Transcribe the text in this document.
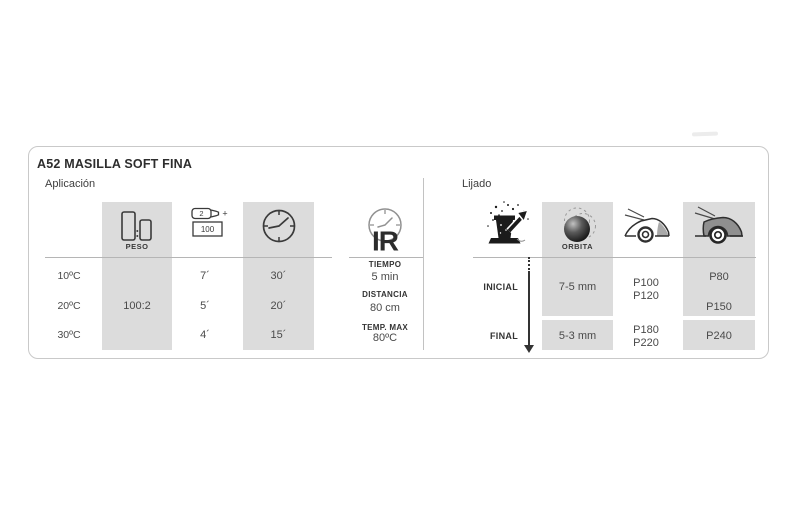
A52 MASILLA SOFT FINA
Aplicación	Lijado
PESO
2 +
100	IR
10ºC
20ºC
30ºC
100:2
7´
5´
4´
30´
20´
15´
TIEMPO
5 min
DISTANCIA
80 cm
TEMP. MAX
80ºC
ORBITA
INICIAL
FINAL
7-5 mm
5-3 mm
P100
P120
P180
P220
P80
P150
P240
